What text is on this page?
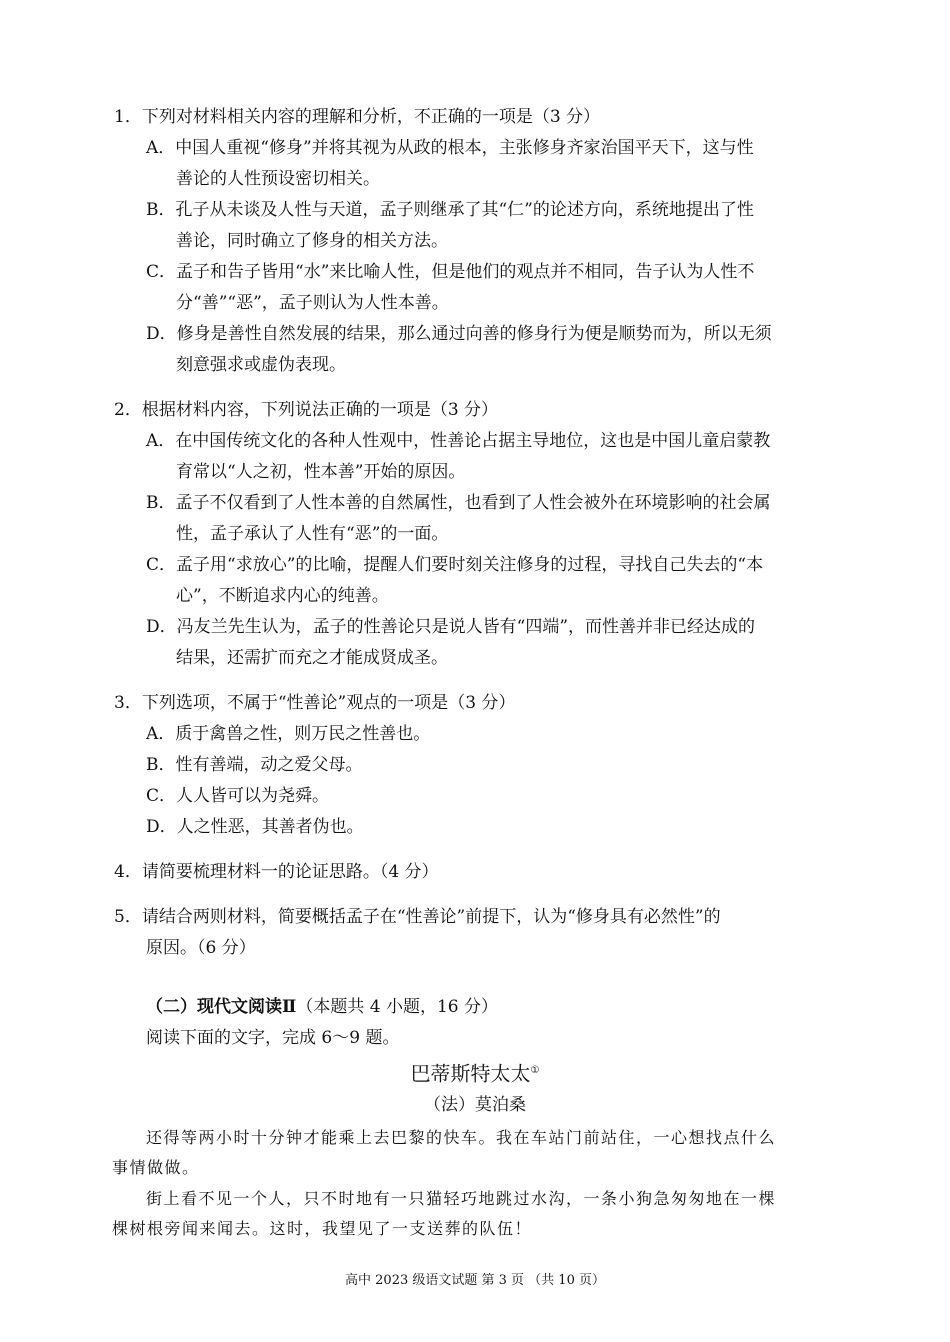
1．下列对材料相关内容的理解和分析，不正确的一项是（3 分）
A．中国人重视“修身”并将其视为从政的根本，主张修身齐家治国平天下，这与性
善论的人性预设密切相关。
B．孔子从未谈及人性与天道，孟子则继承了其“仁”的论述方向，系统地提出了性
善论，同时确立了修身的相关方法。
C．孟子和告子皆用“水”来比喻人性，但是他们的观点并不相同，告子认为人性不
分“善”“恶”，孟子则认为人性本善。
D．修身是善性自然发展的结果，那么通过向善的修身行为便是顺势而为，所以无须
刻意强求或虚伪表现。
2．根据材料内容，下列说法正确的一项是（3 分）
A．在中国传统文化的各种人性观中，性善论占据主导地位，这也是中国儿童启蒙教
育常以“人之初，性本善”开始的原因。
B．孟子不仅看到了人性本善的自然属性，也看到了人性会被外在环境影响的社会属
性，孟子承认了人性有“恶”的一面。
C．孟子用“求放心”的比喻，提醒人们要时刻关注修身的过程，寻找自己失去的“本
心”，不断追求内心的纯善。
D．冯友兰先生认为，孟子的性善论只是说人皆有“四端”，而性善并非已经达成的
结果，还需扩而充之才能成贤成圣。
3．下列选项，不属于“性善论”观点的一项是（3 分）
A．质于禽兽之性，则万民之性善也。
B．性有善端，动之爱父母。
C．人人皆可以为尧舜。
D．人之性恶，其善者伪也。
4．请简要梳理材料一的论证思路。（4 分）
5．请结合两则材料，简要概括孟子在“性善论”前提下，认为“修身具有必然性”的
原因。（6 分）
（二）现代文阅读Ⅱ（本题共 4 小题，16 分）
阅读下面的文字，完成 6～9 题。
巴蒂斯特太太①
（法）莫泊桑
还得等两小时十分钟才能乘上去巴黎的快车。我在车站门前站住，一心想找点什么
事情做做。
街上看不见一个人，只不时地有一只猫轻巧地跳过水沟，一条小狗急匆匆地在一棵
棵树根旁闻来闻去。这时，我望见了一支送葬的队伍！
高中 2023 级语文试题 第 3 页 （共 10 页）
